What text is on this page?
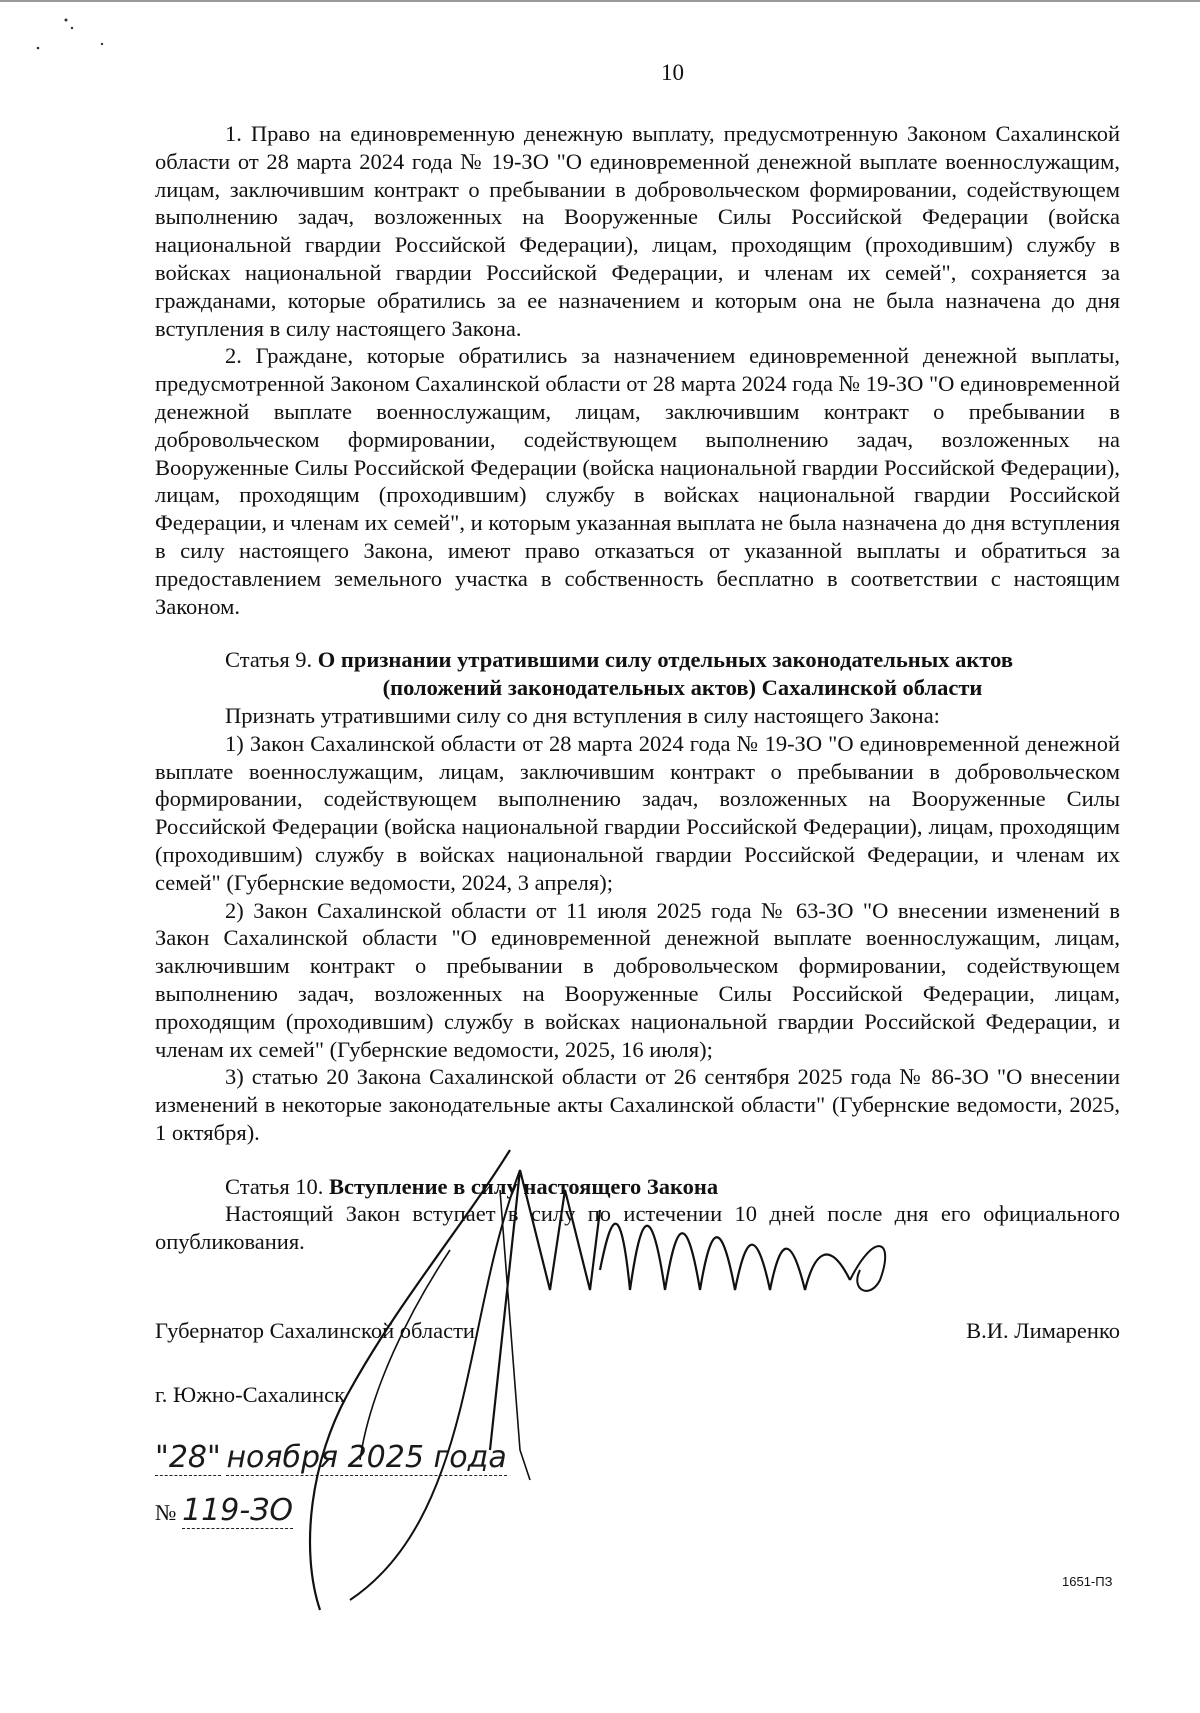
10

1. Право на единовременную денежную выплату, предусмотренную Законом Сахалинской области от 28 марта 2024 года № 19-ЗО "О единовременной денежной выплате военнослужащим, лицам, заключившим контракт о пребывании в добровольческом формировании, содействующем выполнению задач, возложенных на Вооруженные Силы Российской Федерации (войска национальной гвардии Российской Федерации), лицам, проходящим (проходившим) службу в войсках национальной гвардии Российской Федерации, и членам их семей", сохраняется за гражданами, которые обратились за ее назначением и которым она не была назначена до дня вступления в силу настоящего Закона.

2. Граждане, которые обратились за назначением единовременной денежной выплаты, предусмотренной Законом Сахалинской области от 28 марта 2024 года № 19-ЗО "О единовременной денежной выплате военнослужащим, лицам, заключившим контракт о пребывании в добровольческом формировании, содействующем выполнению задач, возложенных на Вооруженные Силы Российской Федерации (войска национальной гвардии Российской Федерации), лицам, проходящим (проходившим) службу в войсках национальной гвардии Российской Федерации, и членам их семей", и которым указанная выплата не была назначена до дня вступления в силу настоящего Закона, имеют право отказаться от указанной выплаты и обратиться за предоставлением земельного участка в собственность бесплатно в соответствии с настоящим Законом.

Статья 9. О признании утратившими силу отдельных законодательных актов
(положений законодательных актов) Сахалинской области

Признать утратившими силу со дня вступления в силу настоящего Закона:

1) Закон Сахалинской области от 28 марта 2024 года № 19-ЗО "О единовременной денежной выплате военнослужащим, лицам, заключившим контракт о пребывании в добровольческом формировании, содействующем выполнению задач, возложенных на Вооруженные Силы Российской Федерации (войска национальной гвардии Российской Федерации), лицам, проходящим (проходившим) службу в войсках национальной гвардии Российской Федерации, и членам их семей" (Губернские ведомости, 2024, 3 апреля);

2) Закон Сахалинской области от 11 июля 2025 года № 63-ЗО "О внесении изменений в Закон Сахалинской области "О единовременной денежной выплате военнослужащим, лицам, заключившим контракт о пребывании в добровольческом формировании, содействующем выполнению задач, возложенных на Вооруженные Силы Российской Федерации, лицам, проходящим (проходившим) службу в войсках национальной гвардии Российской Федерации, и членам их семей" (Губернские ведомости, 2025, 16 июля);

3) статью 20 Закона Сахалинской области от 26 сентября 2025 года № 86-ЗО "О внесении изменений в некоторые законодательные акты Сахалинской области" (Губернские ведомости, 2025, 1 октября).

Статья 10. Вступление в силу настоящего Закона

Настоящий Закон вступает в силу по истечении 10 дней после дня его официального опубликования.

Губернатор Сахалинской области	В.И. Лимаренко
г. Южно-Сахалинск
"28" ноября 2025 года
№ 119-ЗО
1651-ПЗ
